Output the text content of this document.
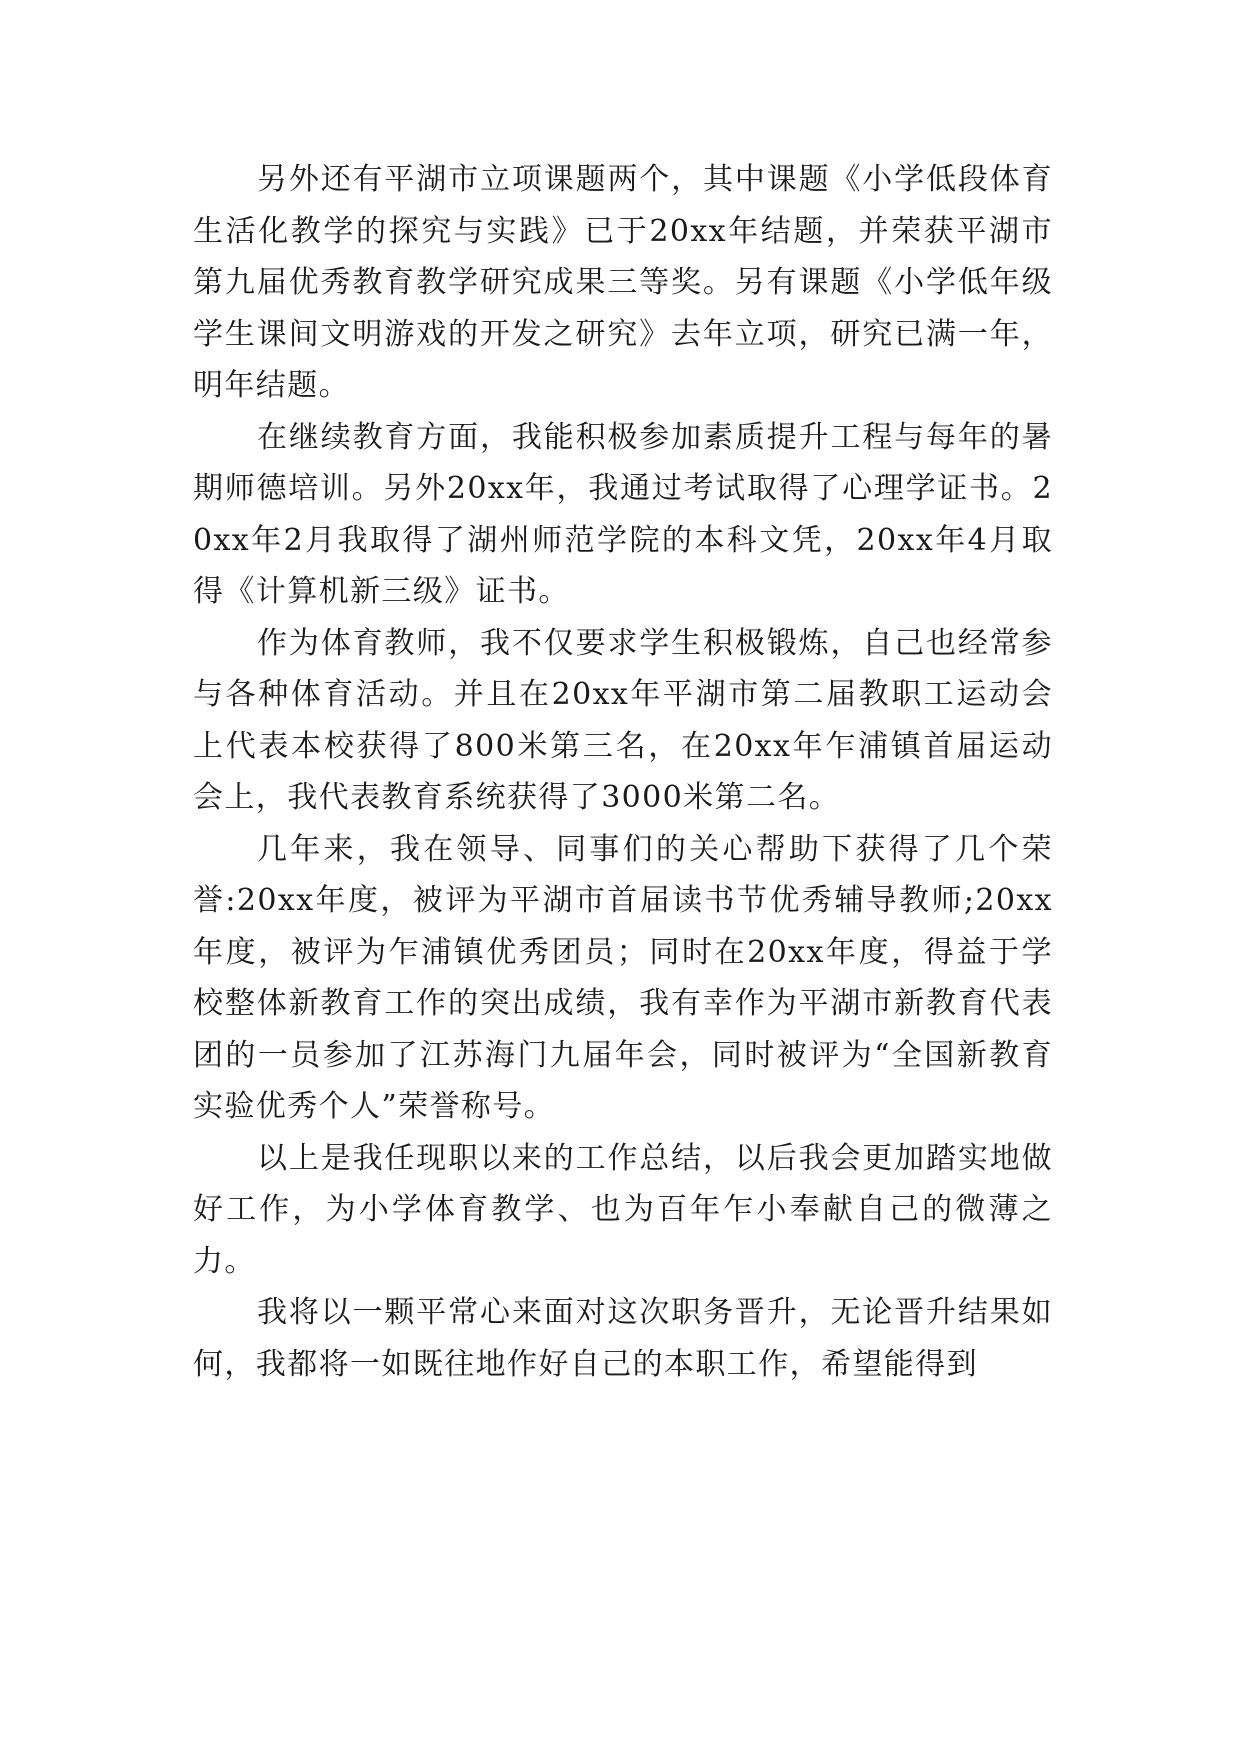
另外还有平湖市立项课题两个，其中课题《小学低段体育生活化教学的探究与实践》已于20xx年结题，并荣获平湖市第九届优秀教育教学研究成果三等奖。另有课题《小学低年级学生课间文明游戏的开发之研究》去年立项，研究已满一年，明年结题。

在继续教育方面，我能积极参加素质提升工程与每年的暑期师德培训。另外20xx年，我通过考试取得了心理学证书。20xx年2月我取得了湖州师范学院的本科文凭，20xx年4月取得《计算机新三级》证书。

作为体育教师，我不仅要求学生积极锻炼，自己也经常参与各种体育活动。并且在20xx年平湖市第二届教职工运动会上代表本校获得了800米第三名，在20xx年乍浦镇首届运动会上，我代表教育系统获得了3000米第二名。

几年来，我在领导、同事们的关心帮助下获得了几个荣誉:20xx年度，被评为平湖市首届读书节优秀辅导教师;20xx年度，被评为乍浦镇优秀团员；同时在20xx年度，得益于学校整体新教育工作的突出成绩，我有幸作为平湖市新教育代表团的一员参加了江苏海门九届年会，同时被评为“全国新教育实验优秀个人”荣誉称号。

以上是我任现职以来的工作总结，以后我会更加踏实地做好工作，为小学体育教学、也为百年乍小奉献自己的微薄之力。

我将以一颗平常心来面对这次职务晋升，无论晋升结果如何，我都将一如既往地作好自己的本职工作，希望能得到
